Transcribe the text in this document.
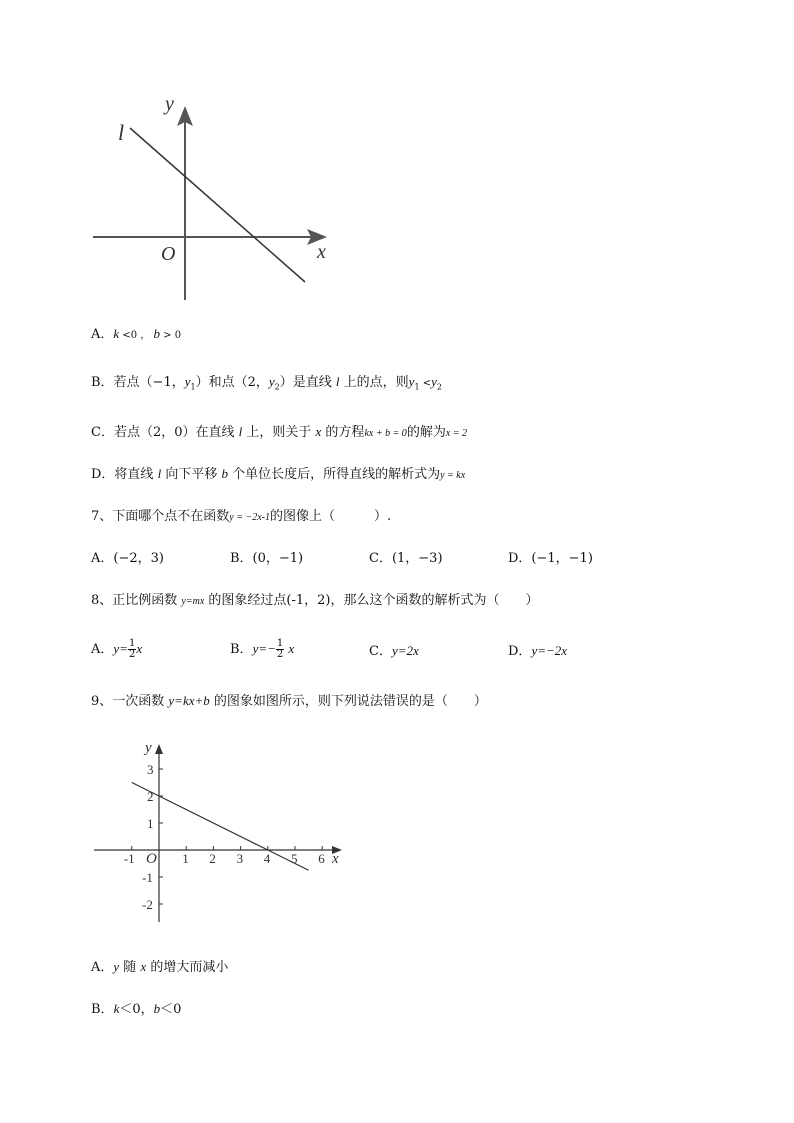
y
x
O
l
A．k <0 ， b > 0
B．若点（−1，$y_1$）和点（2，$y_2$）是直线 l 上的点，则$y_1 <y_2$
C．若点（2，0）在直线 l 上，则关于 x 的方程kx + b = 0的解为x = 2
D．将直线 l 向下平移 b 个单位长度后，所得直线的解析式为y = kx
7、下面哪个点不在函数y = −2x-1的图像上（　　　）.
A．(−2，3)	B．(0，−1)	C．(1，−3)	D．(−1，−1)
8、正比例函数 y=mx 的图象经过点(-1，2)，那么这个函数的解析式为（　　）
A．$y= \frac{1}{2}$ x	B．$y=- \frac{1}{2}$ x	C．y=2x	D．y=−2x
9、一次函数 y=kx+b 的图象如图所示，则下列说法错误的是（　　）
y
x
O
-1	1 2 3 4 5 6
3
2
1
-1
-2
A．y 随 x 的增大而减小
B．k＜0，b＜0
